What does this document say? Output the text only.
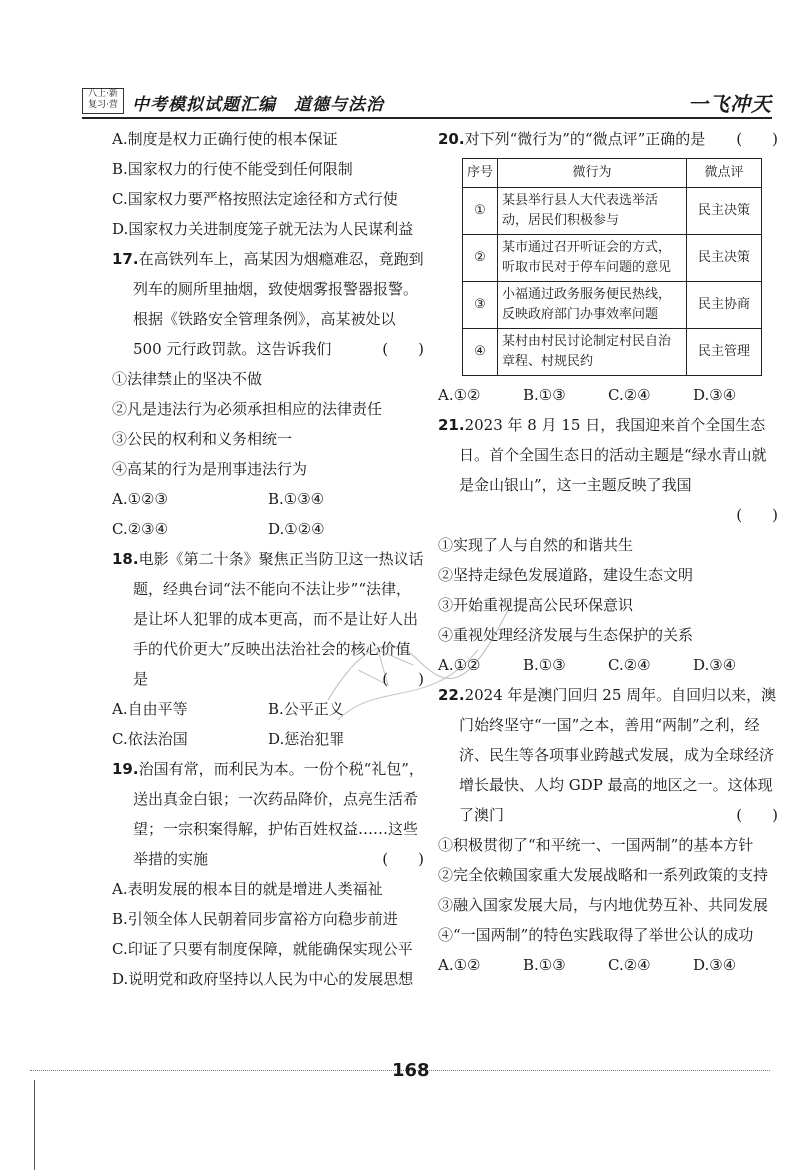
八上·新
复习·营 中考模拟试题汇编　道德与法治	一飞冲天

A.制度是权力正确行使的根本保证

B.国家权力的行使不能受到任何限制

C.国家权力要严格按照法定途径和方式行使

D.国家权力关进制度笼子就无法为人民谋利益

17.在高铁列车上，高某因为烟瘾难忍，竟跑到列车的厕所里抽烟，致使烟雾报警器报警。根据《铁路安全管理条例》，高某被处以 500 元行政罚款。这告诉我们	(　　)

①法律禁止的坚决不做

②凡是违法行为必须承担相应的法律责任

③公民的权利和义务相统一

④高某的行为是刑事违法行为

A.①②③	B.①③④
C.②③④	D.①②④

18.电影《第二十条》聚焦正当防卫这一热议话题，经典台词“法不能向不法让步”“法律，是让坏人犯罪的成本更高，而不是让好人出手的代价更大”反映出法治社会的核心价值是	(　　)

A.自由平等	B.公平正义
C.依法治国	D.惩治犯罪

19.治国有常，而利民为本。一份个税“礼包”，送出真金白银；一次药品降价，点亮生活希望；一宗积案得解，护佑百姓权益……这些举措的实施	(　　)

A.表明发展的根本目的就是增进人类福祉

B.引领全体人民朝着同步富裕方向稳步前进

C.印证了只要有制度保障，就能确保实现公平

D.说明党和政府坚持以人民为中心的发展思想

20.对下列“微行为”的“微点评”正确的是 (　　)

序号	微行为	微点评
①	某县举行县人大代表选举活动，居民们积极参与	民主决策
②	某市通过召开听证会的方式，听取市民对于停车问题的意见	民主决策
③	小福通过政务服务便民热线，反映政府部门办事效率问题	民主协商
④	某村由村民讨论制定村民自治章程、村规民约	民主管理
A.①②	B.①③	C.②④	D.③④

21.2023 年 8 月 15 日，我国迎来首个全国生态日。首个全国生态日的活动主题是“绿水青山就是金山银山”，这一主题反映了我国

(　　)

①实现了人与自然的和谐共生

②坚持走绿色发展道路，建设生态文明

③开始重视提高公民环保意识

④重视处理经济发展与生态保护的关系

A.①②	B.①③	C.②④	D.③④

22.2024 年是澳门回归 25 周年。自回归以来，澳门始终坚守“一国”之本，善用“两制”之利，经济、民生等各项事业跨越式发展，成为全球经济增长最快、人均 GDP 最高的地区之一。这体现了澳门	(　　)

①积极贯彻了“和平统一、一国两制”的基本方针

②完全依赖国家重大发展战略和一系列政策的支持

③融入国家发展大局，与内地优势互补、共同发展

④“一国两制”的特色实践取得了举世公认的成功

A.①②	B.①③	C.②④	D.③④
168
